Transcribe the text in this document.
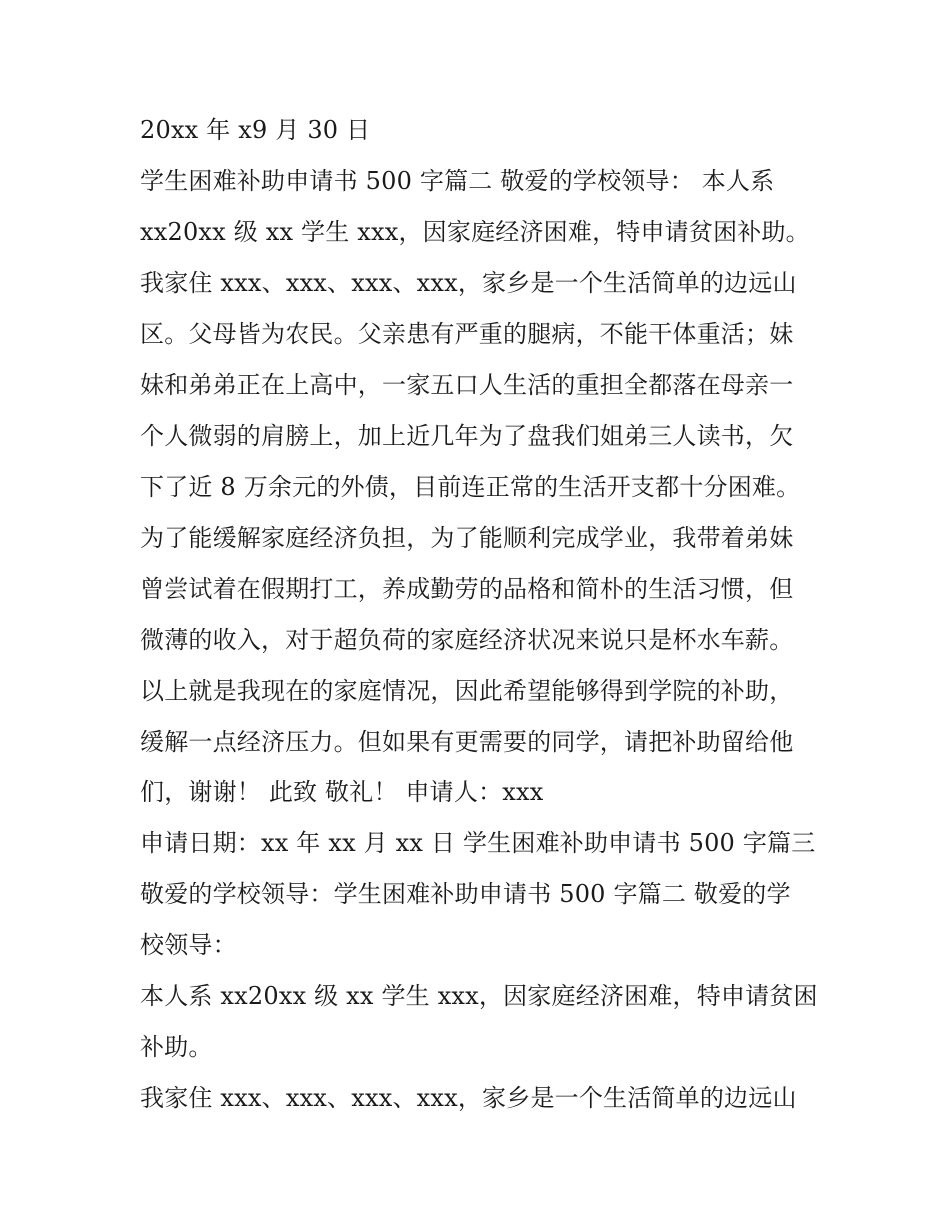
20xx 年 x9 月 30 日
学生困难补助申请书 500 字篇二 敬爱的学校领导： 本人系
xx20xx 级 xx 学生 xxx，因家庭经济困难，特申请贫困补助。
我家住 xxx、xxx、xxx、xxx，家乡是一个生活简单的边远山
区。父母皆为农民。父亲患有严重的腿病，不能干体重活；妹
妹和弟弟正在上高中，一家五口人生活的重担全都落在母亲一
个人微弱的肩膀上，加上近几年为了盘我们姐弟三人读书，欠
下了近 8 万余元的外债，目前连正常的生活开支都十分困难。
为了能缓解家庭经济负担，为了能顺利完成学业，我带着弟妹
曾尝试着在假期打工，养成勤劳的品格和简朴的生活习惯，但
微薄的收入，对于超负荷的家庭经济状况来说只是杯水车薪。
以上就是我现在的家庭情况，因此希望能够得到学院的补助，
缓解一点经济压力。但如果有更需要的同学，请把补助留给他
们，谢谢！ 此致 敬礼！ 申请人：xxx
申请日期：xx 年 xx 月 xx 日 学生困难补助申请书 500 字篇三
敬爱的学校领导：学生困难补助申请书 500 字篇二 敬爱的学
校领导：
本人系 xx20xx 级 xx 学生 xxx，因家庭经济困难，特申请贫困
补助。
我家住 xxx、xxx、xxx、xxx，家乡是一个生活简单的边远山
